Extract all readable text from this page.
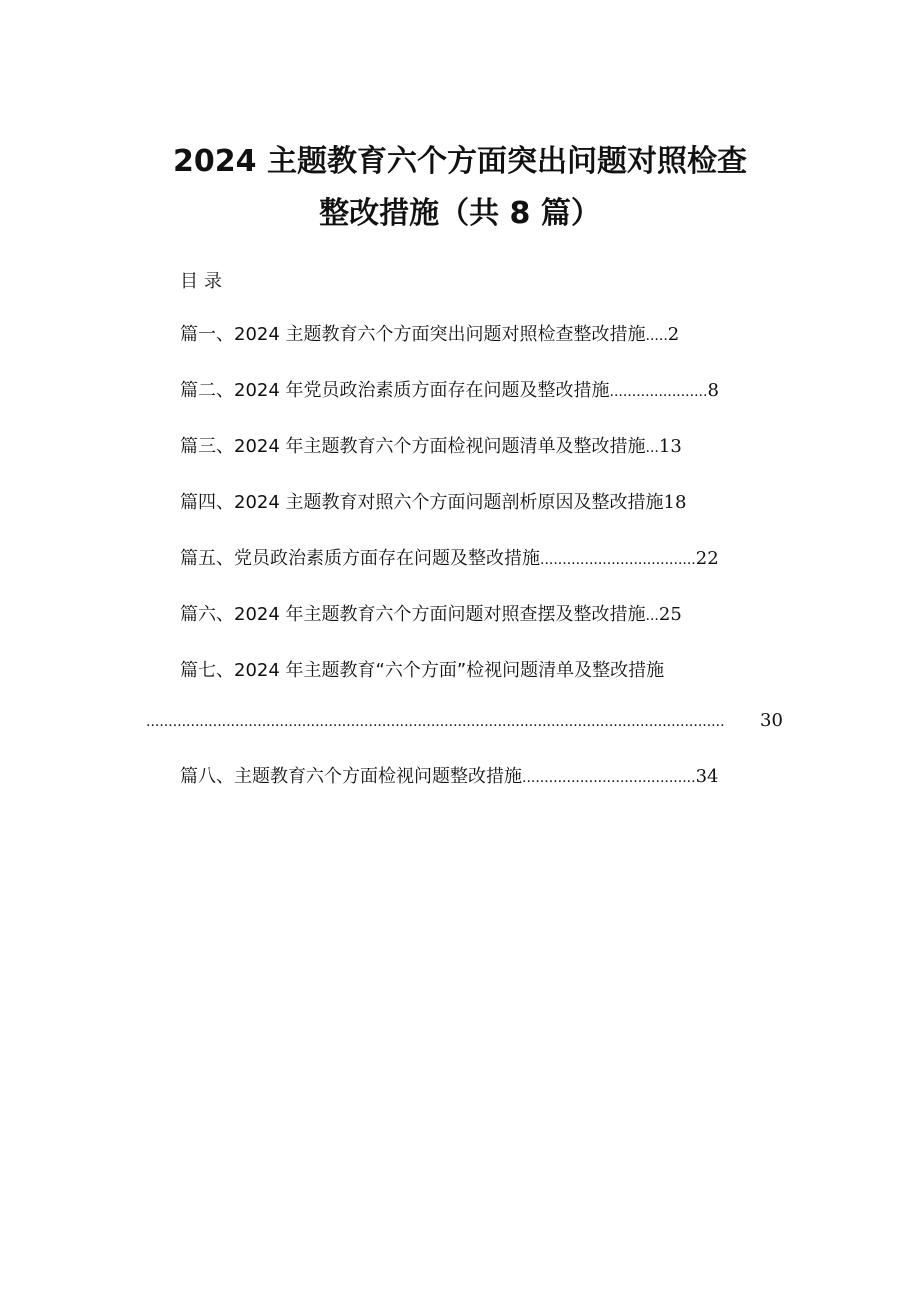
2024 主题教育六个方面突出问题对照检查
整改措施（共 8 篇）
目录
篇一、2024 主题教育六个方面突出问题对照检查整改措施 ..... 2
篇二、2024 年党员政治素质方面存在问题及整改措施 ...................... 8
篇三、2024 年主题教育六个方面检视问题清单及整改措施 ... 13
篇四、2024 主题教育对照六个方面问题剖析原因及整改措施 18
篇五、党员政治素质方面存在问题及整改措施 ................................... 22
篇六、2024 年主题教育六个方面问题对照查摆及整改措施 ... 25
篇七、2024 年主题教育“六个方面”检视问题清单及整改措施
..................................................................................................................................	30
篇八、主题教育六个方面检视问题整改措施 ....................................... 34
